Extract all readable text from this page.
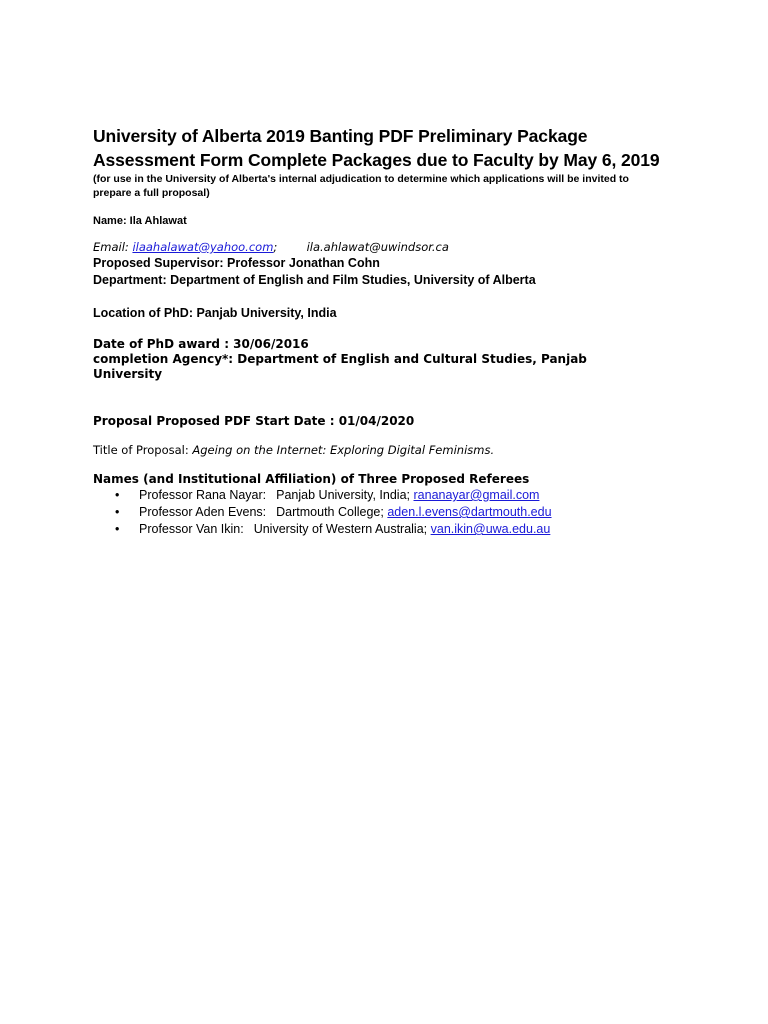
University of Alberta 2019 Banting PDF Preliminary Package
Assessment Form Complete Packages due to Faculty by May 6, 2019
(for use in the University of Alberta's internal adjudication to determine which applications will be invited to
prepare a full proposal)
Name: Ila Ahlawat
Email: ilaahalawat@yahoo.com;	ila.ahlawat@uwindsor.ca
Proposed Supervisor: Professor Jonathan Cohn
Department: Department of English and Film Studies, University of Alberta
Location of PhD: Panjab University, India
Date of PhD award : 30/06/2016
completion Agency*: Department of English and Cultural Studies, Panjab
University
Proposal Proposed PDF Start Date : 01/04/2020
Title of Proposal: Ageing on the Internet: Exploring Digital Feminisms.
Names (and Institutional Affiliation) of Three Proposed Referees
• Professor Rana Nayar: Panjab University, India; rananayar@gmail.com
• Professor Aden Evens: Dartmouth College; aden.l.evens@dartmouth.edu
• Professor Van Ikin: University of Western Australia; van.ikin@uwa.edu.au
